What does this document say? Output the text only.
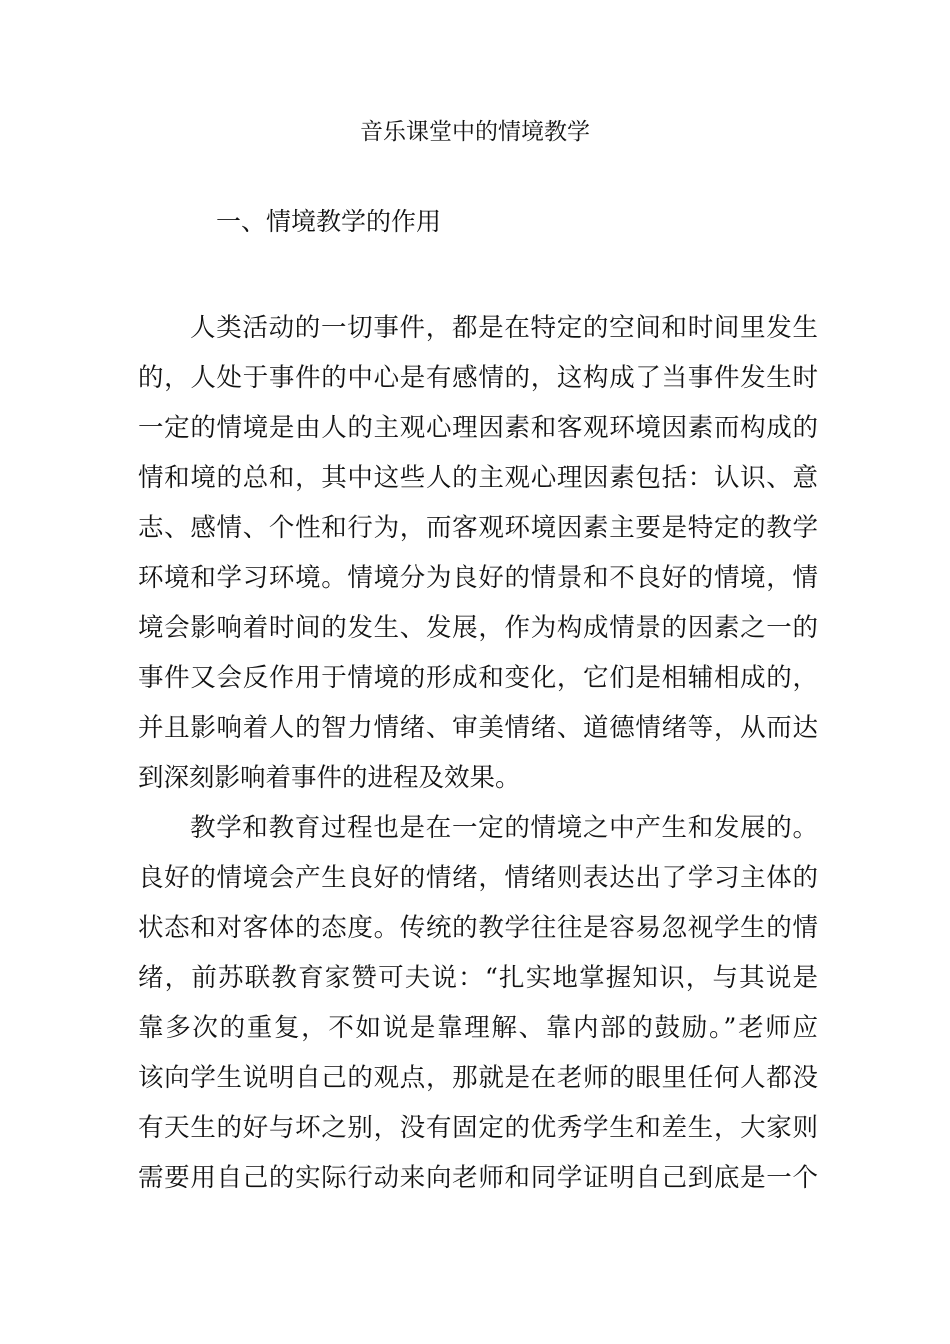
音乐课堂中的情境教学
一、情境教学的作用
人类活动的一切事件，都是在特定的空间和时间里发生
的，人处于事件的中心是有感情的，这构成了当事件发生时
一定的情境是由人的主观心理因素和客观环境因素而构成的
情和境的总和，其中这些人的主观心理因素包括：认识、意
志、感情、个性和行为，而客观环境因素主要是特定的教学
环境和学习环境。情境分为良好的情景和不良好的情境，情
境会影响着时间的发生、发展，作为构成情景的因素之一的
事件又会反作用于情境的形成和变化，它们是相辅相成的，
并且影响着人的智力情绪、审美情绪、道德情绪等，从而达
到深刻影响着事件的进程及效果。
教学和教育过程也是在一定的情境之中产生和发展的。
良好的情境会产生良好的情绪，情绪则表达出了学习主体的
状态和对客体的态度。传统的教学往往是容易忽视学生的情
绪，前苏联教育家赞可夫说：“扎实地掌握知识，与其说是
靠多次的重复，不如说是靠理解、靠内部的鼓励。”老师应
该向学生说明自己的观点，那就是在老师的眼里任何人都没
有天生的好与坏之别，没有固定的优秀学生和差生，大家则
需要用自己的实际行动来向老师和同学证明自己到底是一个
